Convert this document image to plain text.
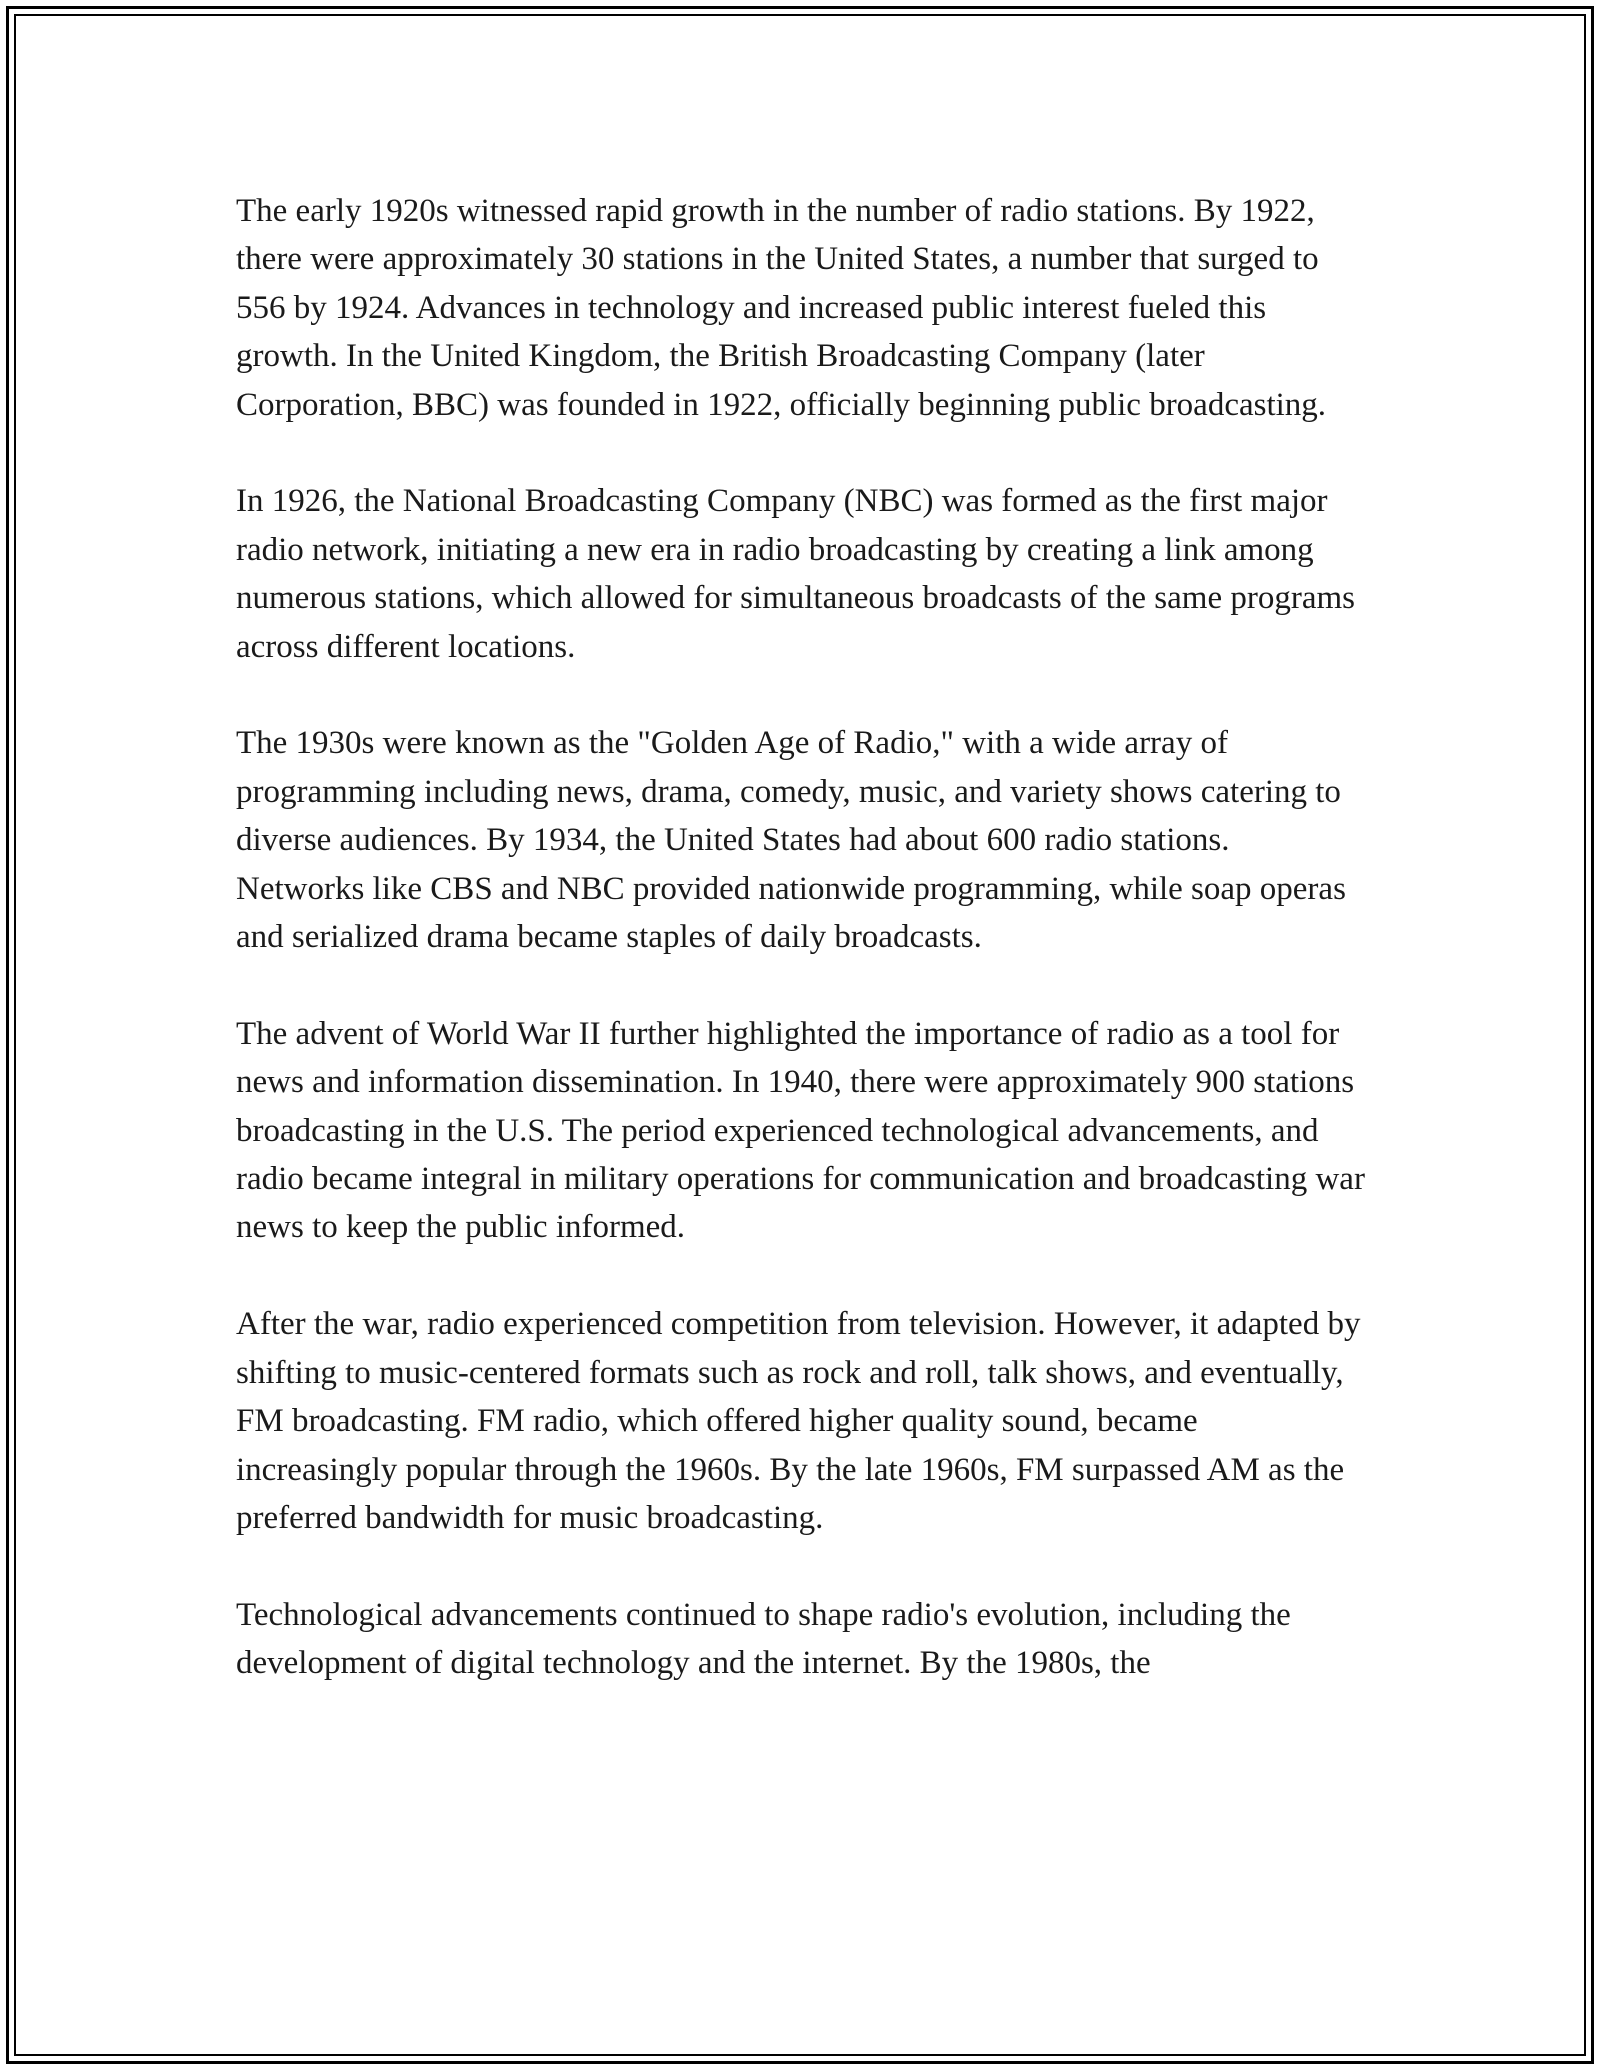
The early 1920s witnessed rapid growth in the number of radio stations. By 1922, there were approximately 30 stations in the United States, a number that surged to 556 by 1924. Advances in technology and increased public interest fueled this growth. In the United Kingdom, the British Broadcasting Company (later Corporation, BBC) was founded in 1922, officially beginning public broadcasting.

In 1926, the National Broadcasting Company (NBC) was formed as the first major radio network, initiating a new era in radio broadcasting by creating a link among numerous stations, which allowed for simultaneous broadcasts of the same programs across different locations.

The 1930s were known as the "Golden Age of Radio," with a wide array of programming including news, drama, comedy, music, and variety shows catering to diverse audiences. By 1934, the United States had about 600 radio stations. Networks like CBS and NBC provided nationwide programming, while soap operas and serialized drama became staples of daily broadcasts.

The advent of World War II further highlighted the importance of radio as a tool for news and information dissemination. In 1940, there were approximately 900 stations broadcasting in the U.S. The period experienced technological advancements, and radio became integral in military operations for communication and broadcasting war news to keep the public informed.

After the war, radio experienced competition from television. However, it adapted by shifting to music-centered formats such as rock and roll, talk shows, and eventually, FM broadcasting. FM radio, which offered higher quality sound, became increasingly popular through the 1960s. By the late 1960s, FM surpassed AM as the preferred bandwidth for music broadcasting.

Technological advancements continued to shape radio's evolution, including the development of digital technology and the internet. By the 1980s, the
